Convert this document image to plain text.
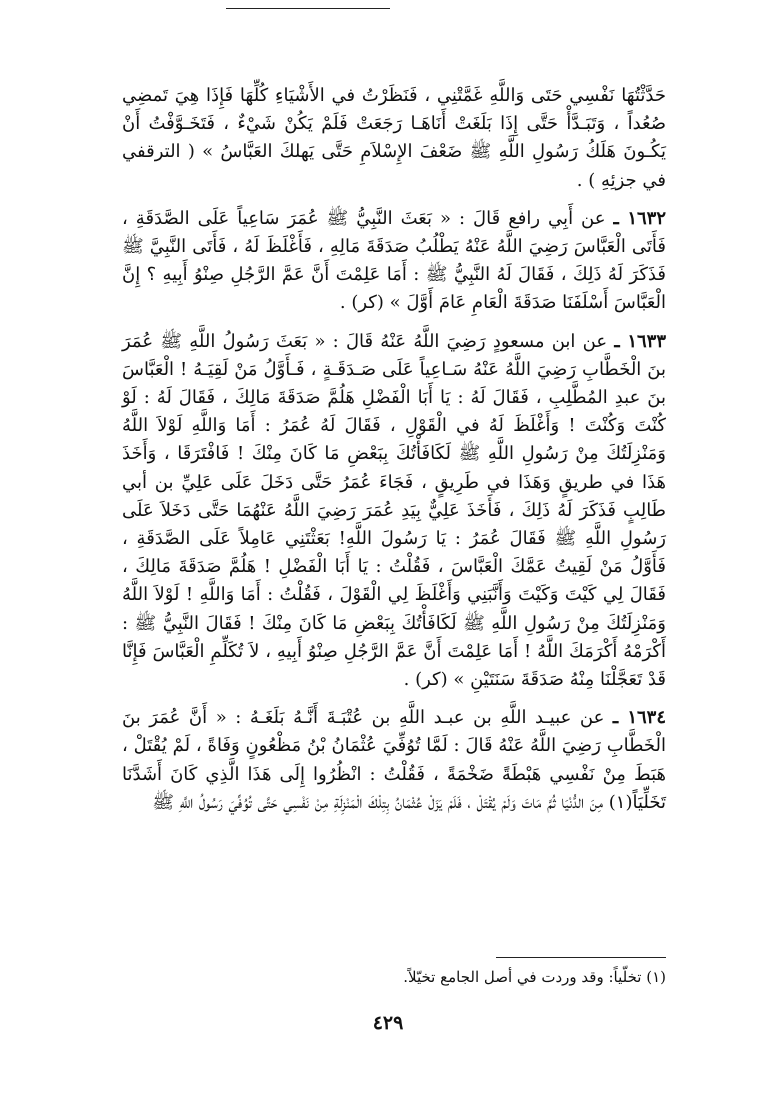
حَدَّثْتُهَا نَفْسِي حَتَى وَاللَّهِ غَمَّتْنِي ، فَنَظَرْتُ في الأَشْيَاءِ كُلِّهَا فَإِذَا هِيَ تَمضِي صُعُداً ، وَتَبَـدَّأْ حَتَّى إِذَا بَلَغَتْ أَنَاهَـا رَجَعَتْ فَلَمْ يَكُنْ شَيْءٌ ، فَتَخَـوَّفْتُ أَنْ يَكُـونَ هَلَكُ رَسُولِ اللَّهِ ﷺ ضَعْفَ الإِسْلاَمِ حَتَّى يَهلكَ العَبَّاسُ » ( الترقفي في جزئِهِ ) .

١٦٣٢ ـ عن أَبِي رافع قَالَ : « بَعَثَ النَّبِيُّ ﷺ عُمَرَ سَاعِياً عَلَى الصَّدَقَةِ ، فَأَتَى الْعَبَّاسَ رَضِيَ اللَّهُ عَنْهُ يَطْلُبُ صَدَقَةَ مَالِهِ ، فَأَغْلَظَ لَهُ ، فَأَتَى النَّبِيَّ ﷺ فَذَكَرَ لَهُ ذَلِكَ ، فَقَالَ لَهُ النَّبِيُّ ﷺ : أَمَا عَلِمْتَ أَنَّ عَمَّ الرَّجُلِ صِنْوُ أَبِيهِ ؟ إِنَّ الْعَبَّاسَ أَسْلَفَنَا صَدَقَةَ الْعَامِ عَامَ أَوَّلَ » (كر) .

١٦٣٣ ـ عن ابن مسعودٍ رَضِيَ اللَّهُ عَنْهُ قَالَ : « بَعَثَ رَسُولُ اللَّهِ ﷺ عُمَرَ بنَ الْخَطَّابِ رَضِيَ اللَّهُ عَنْهُ سَـاعِياً عَلَى صَـدَقَـةٍ ، فَـأَوَّلُ مَنْ لَقِيَـهُ ! الْعَبَّاسَ بنَ عبدِ المُطَّلِبِ ، فَقَالَ لَهُ : يَا أَبَا الْفَضْلِ هَلُمَّ صَدَقَةَ مَالِكَ ، فَقَالَ لَهُ : لَوْ كُنْتَ وَكُنْتَ ! وَأَغْلَظَ لَهُ في الْقَوْلِ ، فَقَالَ لَهُ عُمَرُ : أَمَا وَاللَّهِ لَوْلاَ اللَّهُ وَمَنْزِلَتُكَ مِنْ رَسُولِ اللَّهِ ﷺ لَكَافَأْتُكَ بِبَعْضِ مَا كَانَ مِنْكَ ! فَافْتَرَقَا ، وَأَخَذَ هَذَا في طريقٍ وَهَذَا في طَرِيقٍ ، فَجَاءَ عُمَرُ حَتَّى دَخَلَ عَلَى عَلِيِّ بن أبي طَالِبٍ فَذَكَرَ لَهُ ذَلِكَ ، فَأَخَذَ عَلِيٌّ بِيَدِ عُمَرَ رَضِيَ اللَّهُ عَنْهُمَا حَتَّى دَخَلاَ عَلَى رَسُولِ اللَّهِ ﷺ فَقَالَ عُمَرُ : يَا رَسُولَ اللَّهِ! بَعَثْتَنِي عَامِلاً عَلَى الصَّدَقَةِ ، فَأَوَّلُ مَنْ لَقِيتُ عَمَّكَ الْعَبَّاسَ ، فَقُلْتُ : يَا أَبَا الْفَضْلِ ! هَلُمَّ صَدَقَةَ مَالِكَ ، فَقَالَ لِي كَيْتَ وَكَيْتَ وَأَنَّبَنِي وَأَغْلَظَ لِي الْقَوْلَ ، فَقُلْتُ : أَمَا وَاللَّهِ ! لَوْلاَ اللَّهُ وَمَنْزِلَتُكَ مِنْ رَسُولِ اللَّهِ ﷺ لَكَافَأْتُكَ بِبَعْضِ مَا كَانَ مِنْكَ ! فَقَالَ النَّبِيُّ ﷺ : أَكْرَمْهُ أَكْرَمَكَ اللَّهُ ! أَمَا عَلِمْتَ أَنَّ عَمَّ الرَّجُلِ صِنْوُ أَبِيهِ ، لاَ تُكَلِّمِ الْعَبَّاسَ فَإِنَّا قَدْ تَعَجَّلْنَا مِنْهُ صَدَقَةَ سَنَتَيْنِ » (كر) .

١٦٣٤ ـ عن عبيـد اللَّهِ بن عبـد اللَّهِ بن عُتْبَـةَ أَنَّـهُ بَلَغَـهُ : « أَنَّ عُمَرَ بنَ الْخَطَّابِ رَضِيَ اللَّهُ عَنْهُ قَالَ : لَمَّا تُوُفِّيَ عُثْمَانُ بْنُ مَظْعُونٍ وَفَاةً ، لَمْ يُقْتَلْ ، هَبَطَ مِنْ نَفْسِي هَبْطَةً ضَخْمَةً ، فَقُلْتُ : انْظُرُوا إِلَى هَذَا الَّذِي كَانَ أَشَدَّنَا تَخَلِّيَاً(١) مِنَ الدُّنْيَا ثُمَّ مَاتَ وَلَمْ يُقْتَلْ ، فَلَمْ يَزَلْ عُثْمَانُ بِتِلْكَ الْمَنْزِلَةِ مِنْ نَفْسِي حَتَّى تُوُفِّيَ رَسُولُ اللَّهِ ﷺ

(١) تخلّياً: وقد وردت في أصل الجامع تخيّلاً.
٤٢٩
